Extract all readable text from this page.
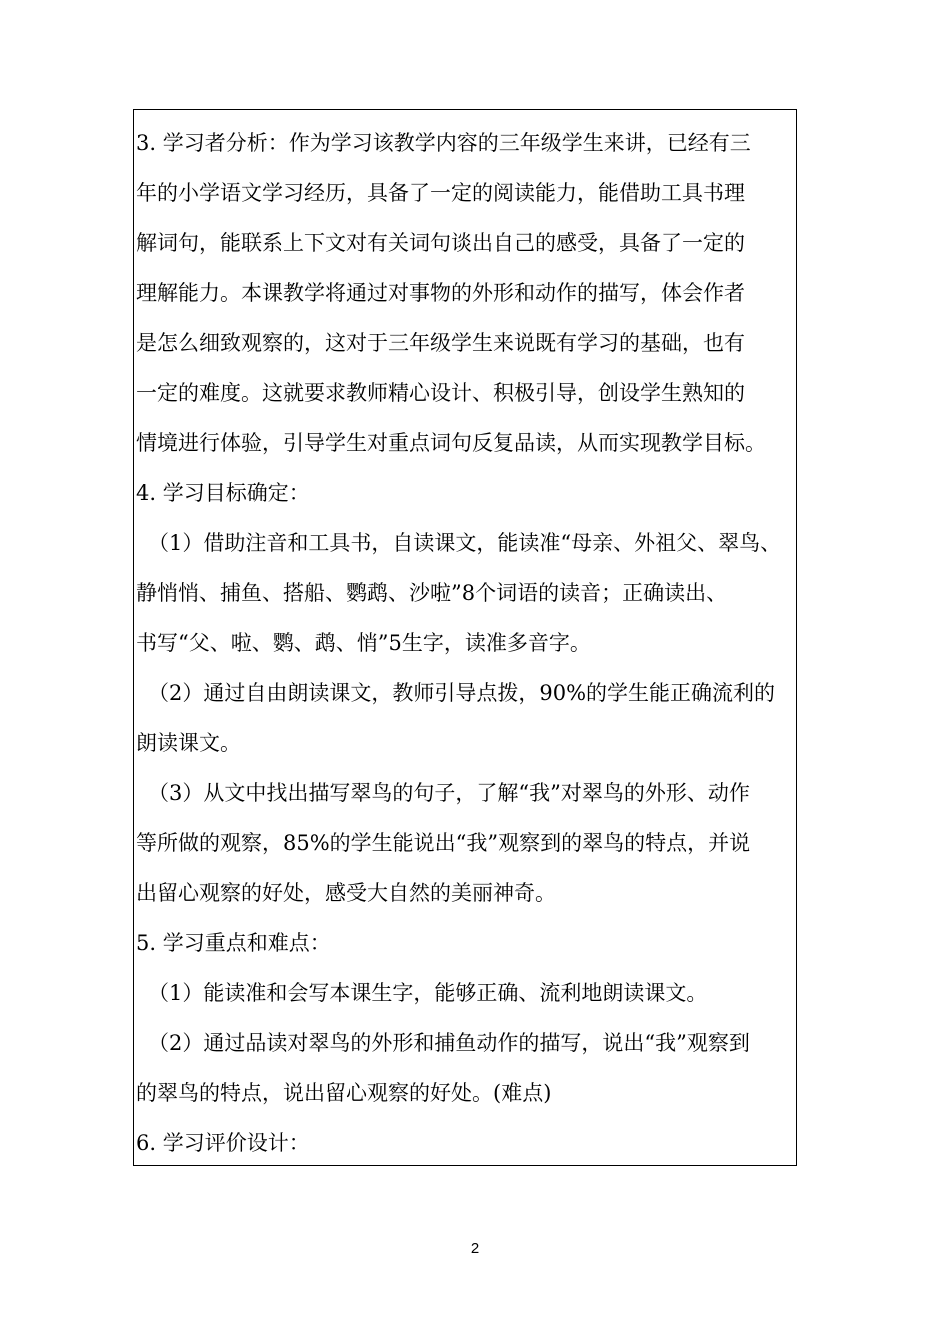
3. 学习者分析：作为学习该教学内容的三年级学生来讲，已经有三
年的小学语文学习经历，具备了一定的阅读能力，能借助工具书理
解词句，能联系上下文对有关词句谈出自己的感受，具备了一定的
理解能力。本课教学将通过对事物的外形和动作的描写，体会作者
是怎么细致观察的，这对于三年级学生来说既有学习的基础，也有
一定的难度。这就要求教师精心设计、积极引导，创设学生熟知的
情境进行体验，引导学生对重点词句反复品读，从而实现教学目标。
4. 学习目标确定：
（1）借助注音和工具书，自读课文，能读准“母亲、外祖父、翠鸟、
静悄悄、捕鱼、搭船、鹦鹉、沙啦”8个词语的读音；正确读出、
书写“父、啦、鹦、鹉、悄”5生字，读准多音字。
（2）通过自由朗读课文，教师引导点拨，90%的学生能正确流利的
朗读课文。
（3）从文中找出描写翠鸟的句子，了解“我”对翠鸟的外形、动作
等所做的观察，85%的学生能说出“我”观察到的翠鸟的特点，并说
出留心观察的好处，感受大自然的美丽神奇。
5. 学习重点和难点：
（1）能读准和会写本课生字，能够正确、流利地朗读课文。
（2）通过品读对翠鸟的外形和捕鱼动作的描写，说出“我”观察到
的翠鸟的特点，说出留心观察的好处。(难点)
6. 学习评价设计：
2
